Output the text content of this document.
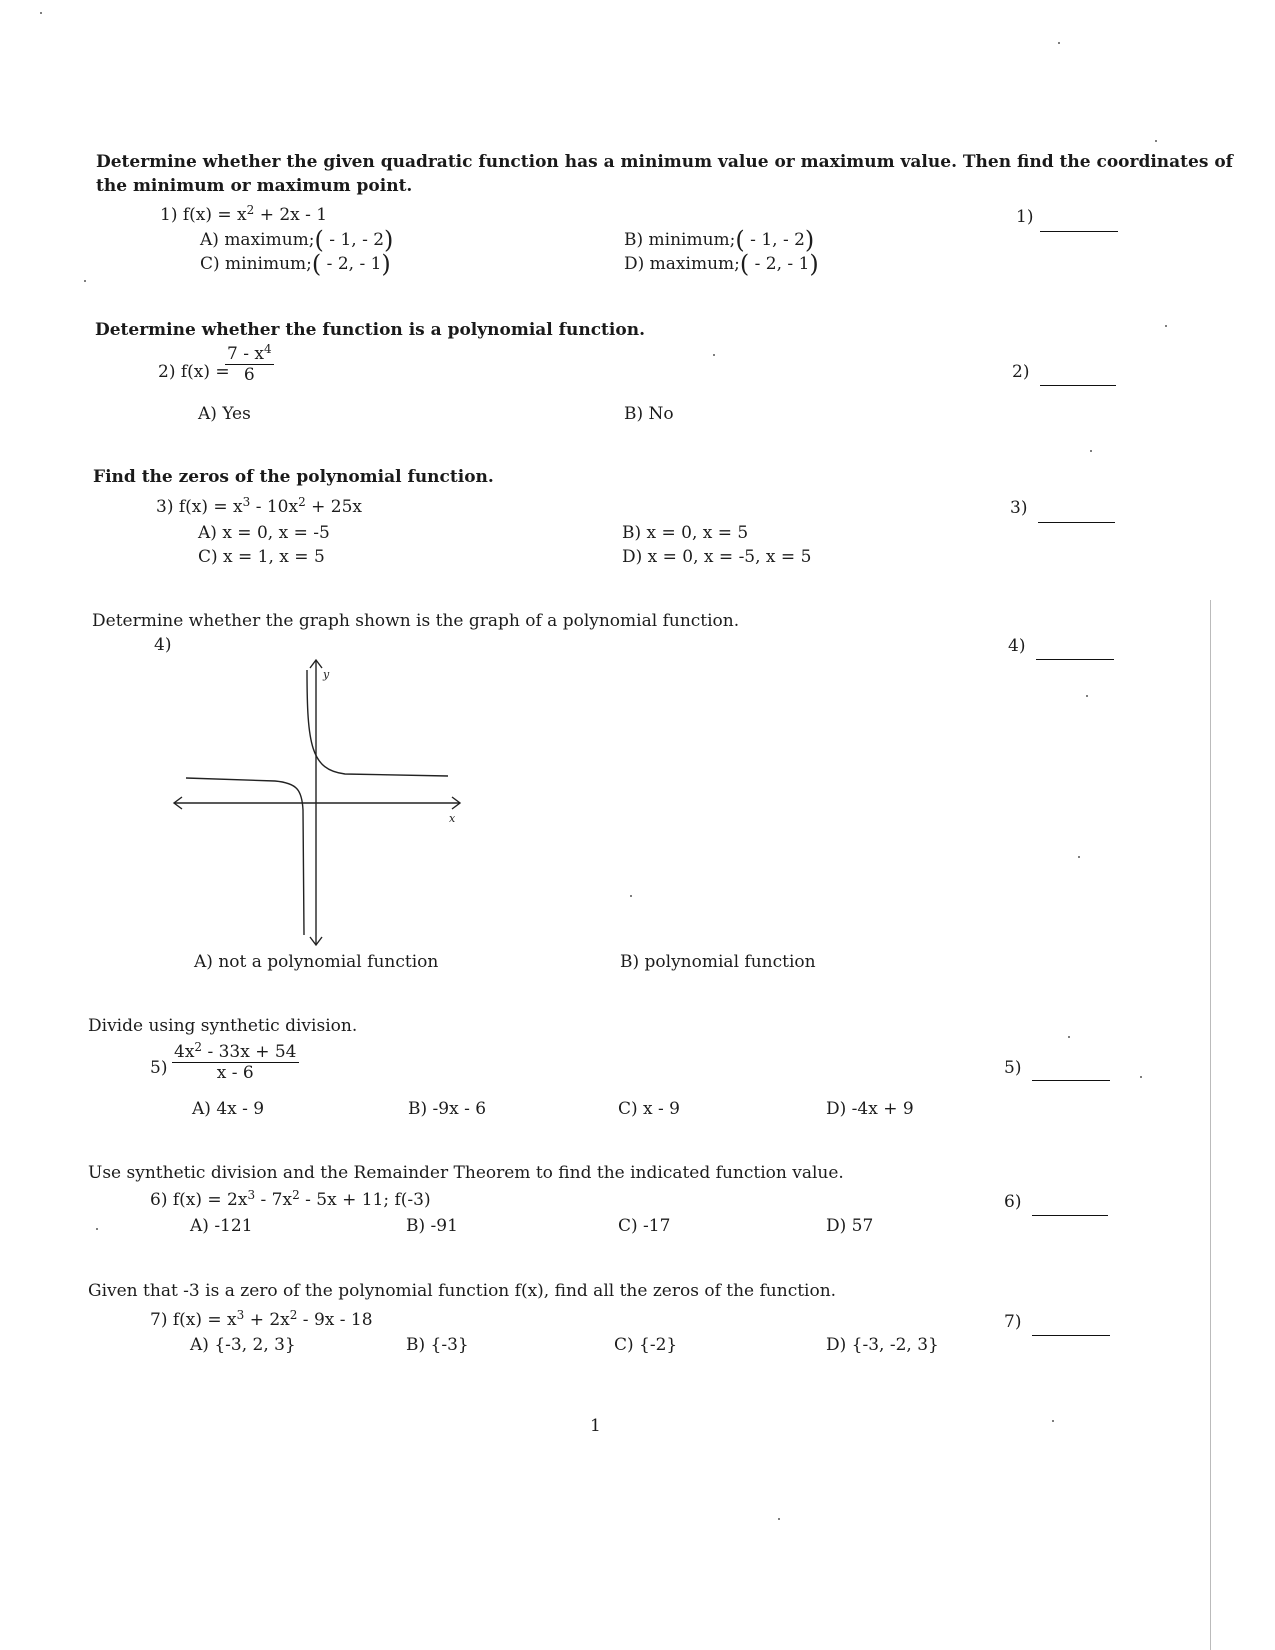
Determine whether the given quadratic function has a minimum value or maximum value. Then find the coordinates of
the minimum or maximum point.
1) $f(x) = x^2 + 2x - 1$
A) maximum;( - 1, - 2)	B) minimum;( - 1, - 2)
C) minimum;( - 2, - 1)	D) maximum;( - 2, - 1)
1)
Determine whether the function is a polynomial function.
2) f(x) =
$\frac{7 - x^4}{6}$
A) Yes	B) No
2)
Find the zeros of the polynomial function.
3) $f(x) = x^3 - 10x^2 + 25x$
A) x = 0, x = -5	B) x = 0, x = 5
C) x = 1, x = 5	D) x = 0, x = -5, x = 5
3)
Determine whether the graph shown is the graph of a polynomial function.
4)	4)
y
x
A) not a polynomial function	B) polynomial function
Divide using synthetic division.
$5) \frac{4x^2 - 33x + 54}{x - 6}$
A) 4x - 9	B) -9x - 6	C) x - 9	D) -4x + 9
5)
Use synthetic division and the Remainder Theorem to find the indicated function value.
6) $f(x) = 2x^3 - 7x^2 - 5x + 11$; f(-3)
A) -121	B) -91	C) -17	D) 57
6)
Given that -3 is a zero of the polynomial function f(x), find all the zeros of the function.
7) $f(x) = x^3 + 2x^2 - 9x - 18$
A) {-3, 2, 3}	B) {-3}	C) {-2}	D) {-3, -2, 3}
7)
1
